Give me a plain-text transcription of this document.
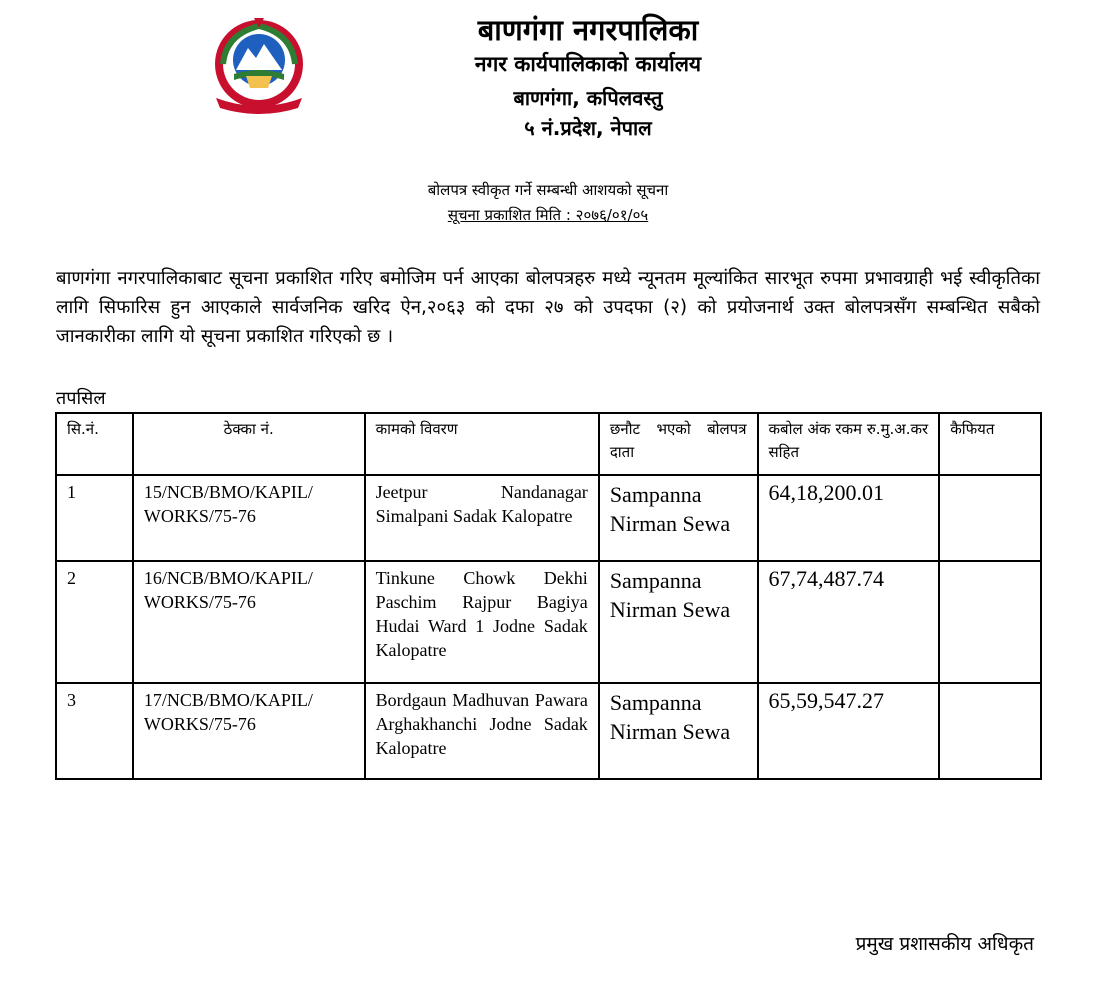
बाणगंगा नगरपालिका
नगर कार्यपालिकाको कार्यालय
बाणगंगा, कपिलवस्तु
५ नं.प्रदेश, नेपाल
बोलपत्र स्वीकृत गर्ने सम्बन्धी आशयको सूचना
सूचना प्रकाशित मिति : २०७६/०१/०५
बाणगंगा नगरपालिकाबाट सूचना प्रकाशित गरिए बमोजिम पर्न आएका बोलपत्रहरु मध्ये न्यूनतम मूल्यांकित सारभूत रुपमा प्रभावग्राही भई स्वीकृतिका लागि सिफारिस हुन आएकाले सार्वजनिक खरिद ऐन,२०६३ को दफा २७ को उपदफा (२) को प्रयोजनार्थ उक्त बोलपत्रसँग सम्बन्धित सबैको जानकारीका लागि यो सूचना प्रकाशित गरिएको छ ।
तपसिल
सि.नं.	ठेक्का नं.	कामको विवरण	छनौट भएको बोलपत्र दाता	कबोल अंक रकम रु.मु.अ.कर सहित	कैफियत
1	15/NCB/BMO/KAPIL/ WORKS/75-76	Jeetpur Nandanagar Simalpani Sadak Kalopatre	Sampanna Nirman Sewa	64,18,200.01	
2	16/NCB/BMO/KAPIL/ WORKS/75-76	Tinkune Chowk Dekhi Paschim Rajpur Bagiya Hudai Ward 1 Jodne Sadak Kalopatre	Sampanna Nirman Sewa	67,74,487.74	
3	17/NCB/BMO/KAPIL/ WORKS/75-76	Bordgaun Madhuvan Pawara Arghakhanchi Jodne Sadak Kalopatre	Sampanna Nirman Sewa	65,59,547.27	
प्रमुख प्रशासकीय अधिकृत
